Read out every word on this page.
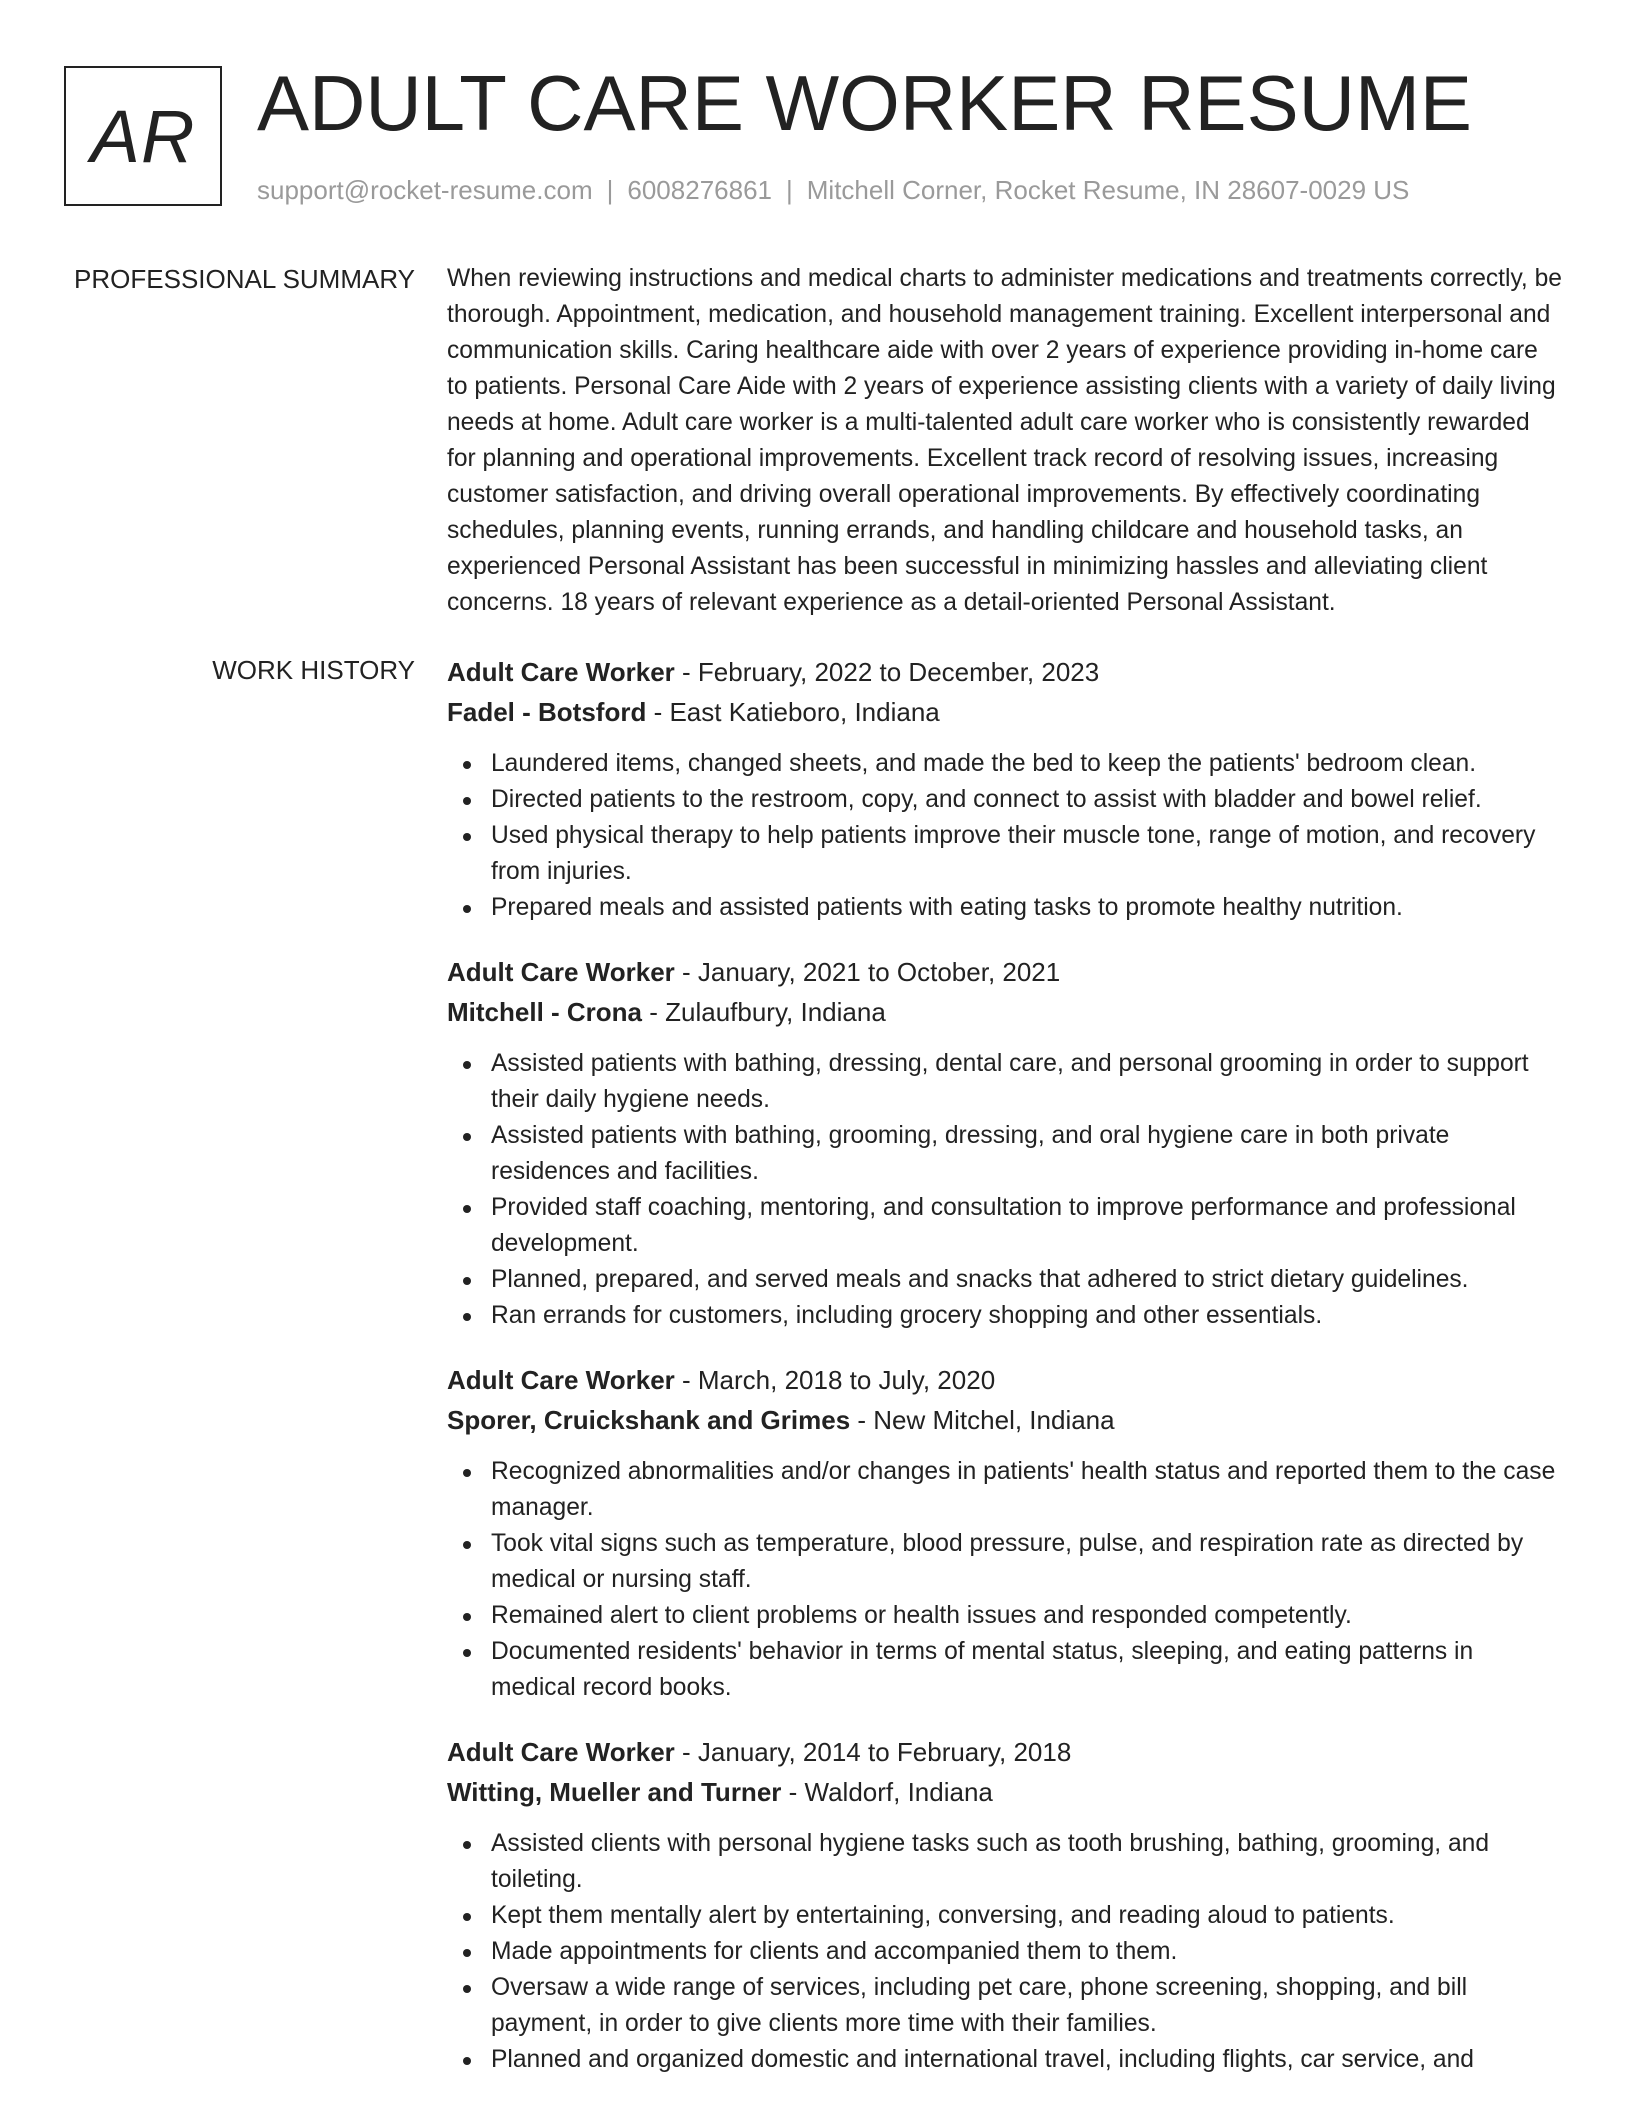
AR ADULT CARE WORKER RESUME
support@rocket-resume.com | 6008276861 | Mitchell Corner, Rocket Resume, IN 28607-0029 US
PROFESSIONAL SUMMARY When reviewing instructions and medical charts to administer medications and treatments correctly, be thorough. Appointment, medication, and household management training. Excellent interpersonal and communication skills. Caring healthcare aide with over 2 years of experience providing in-home care to patients. Personal Care Aide with 2 years of experience assisting clients with a variety of daily living needs at home. Adult care worker is a multi-talented adult care worker who is consistently rewarded for planning and operational improvements. Excellent track record of resolving issues, increasing customer satisfaction, and driving overall operational improvements. By effectively coordinating schedules, planning events, running errands, and handling childcare and household tasks, an experienced Personal Assistant has been successful in minimizing hassles and alleviating client concerns. 18 years of relevant experience as a detail-oriented Personal Assistant.

WORK HISTORY Adult Care Worker - February, 2022 to December, 2023
Fadel - Botsford - East Katieboro, Indiana
Laundered items, changed sheets, and made the bed to keep the patients' bedroom clean.
Directed patients to the restroom, copy, and connect to assist with bladder and bowel relief.
Used physical therapy to help patients improve their muscle tone, range of motion, and recovery from injuries.
Prepared meals and assisted patients with eating tasks to promote healthy nutrition.
Adult Care Worker - January, 2021 to October, 2021
Mitchell - Crona - Zulaufbury, Indiana
Assisted patients with bathing, dressing, dental care, and personal grooming in order to support their daily hygiene needs.
Assisted patients with bathing, grooming, dressing, and oral hygiene care in both private residences and facilities.
Provided staff coaching, mentoring, and consultation to improve performance and professional development.
Planned, prepared, and served meals and snacks that adhered to strict dietary guidelines.
Ran errands for customers, including grocery shopping and other essentials.
Adult Care Worker - March, 2018 to July, 2020
Sporer, Cruickshank and Grimes - New Mitchel, Indiana
Recognized abnormalities and/or changes in patients' health status and reported them to the case manager.
Took vital signs such as temperature, blood pressure, pulse, and respiration rate as directed by medical or nursing staff.
Remained alert to client problems or health issues and responded competently.
Documented residents' behavior in terms of mental status, sleeping, and eating patterns in medical record books.
Adult Care Worker - January, 2014 to February, 2018
Witting, Mueller and Turner - Waldorf, Indiana
Assisted clients with personal hygiene tasks such as tooth brushing, bathing, grooming, and toileting.
Kept them mentally alert by entertaining, conversing, and reading aloud to patients.
Made appointments for clients and accompanied them to them.
Oversaw a wide range of services, including pet care, phone screening, shopping, and bill payment, in order to give clients more time with their families.
Planned and organized domestic and international travel, including flights, car service, and
